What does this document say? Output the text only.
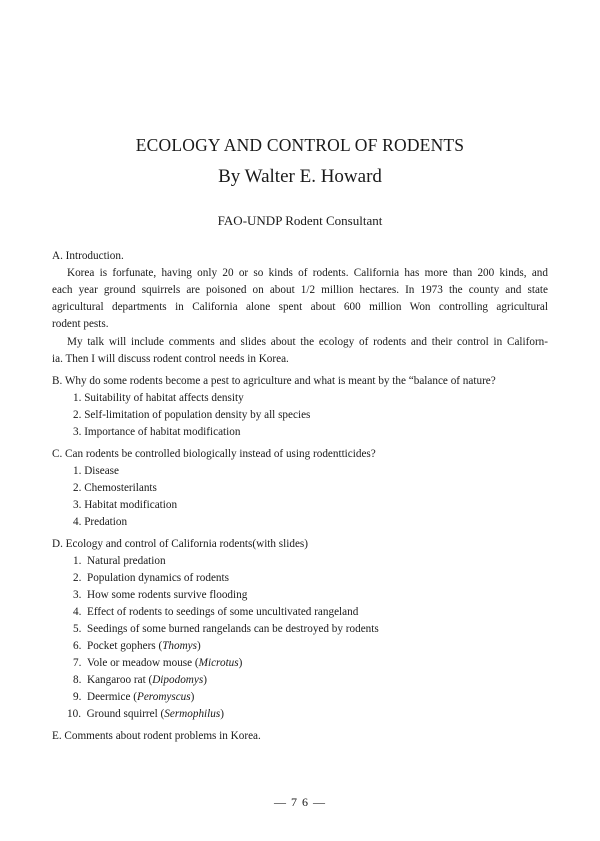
ECOLOGY AND CONTROL OF RODENTS
By Walter E. Howard
FAO-UNDP Rodent Consultant
A. Introduction.
Korea is forfunate, having only 20 or so kinds of rodents. California has more than 200 kinds, and
each year ground squirrels are poisoned on about 1/2 million hectares. In 1973 the county and state
agricultural departments in California alone spent about 600 million Won controlling agricultural
rodent pests.
My talk will include comments and slides about the ecology of rodents and their control in Californ-
ia. Then I will discuss rodent control needs in Korea.
B. Why do some rodents become a pest to agriculture and what is meant by the “balance of nature?
1. Suitability of habitat affects density
2. Self-limitation of population density by all species
3. Importance of habitat modification
C. Can rodents be controlled biologically instead of using rodentticides?
1. Disease
2. Chemosterilants
3. Habitat modification
4. Predation
D. Ecology and control of California rodents(with slides)
1. Natural predation
2. Population dynamics of rodents
3. How some rodents survive flooding
4. Effect of rodents to seedings of some uncultivated rangeland
5. Seedings of some burned rangelands can be destroyed by rodents
6. Pocket gophers (Thomys)
7. Vole or meadow mouse (Microtus)
8. Kangaroo rat (Dipodomys)
9. Deermice (Peromyscus)
10. Ground squirrel (Sermophilus)
E. Comments about rodent problems in Korea.
— 7 6 —
